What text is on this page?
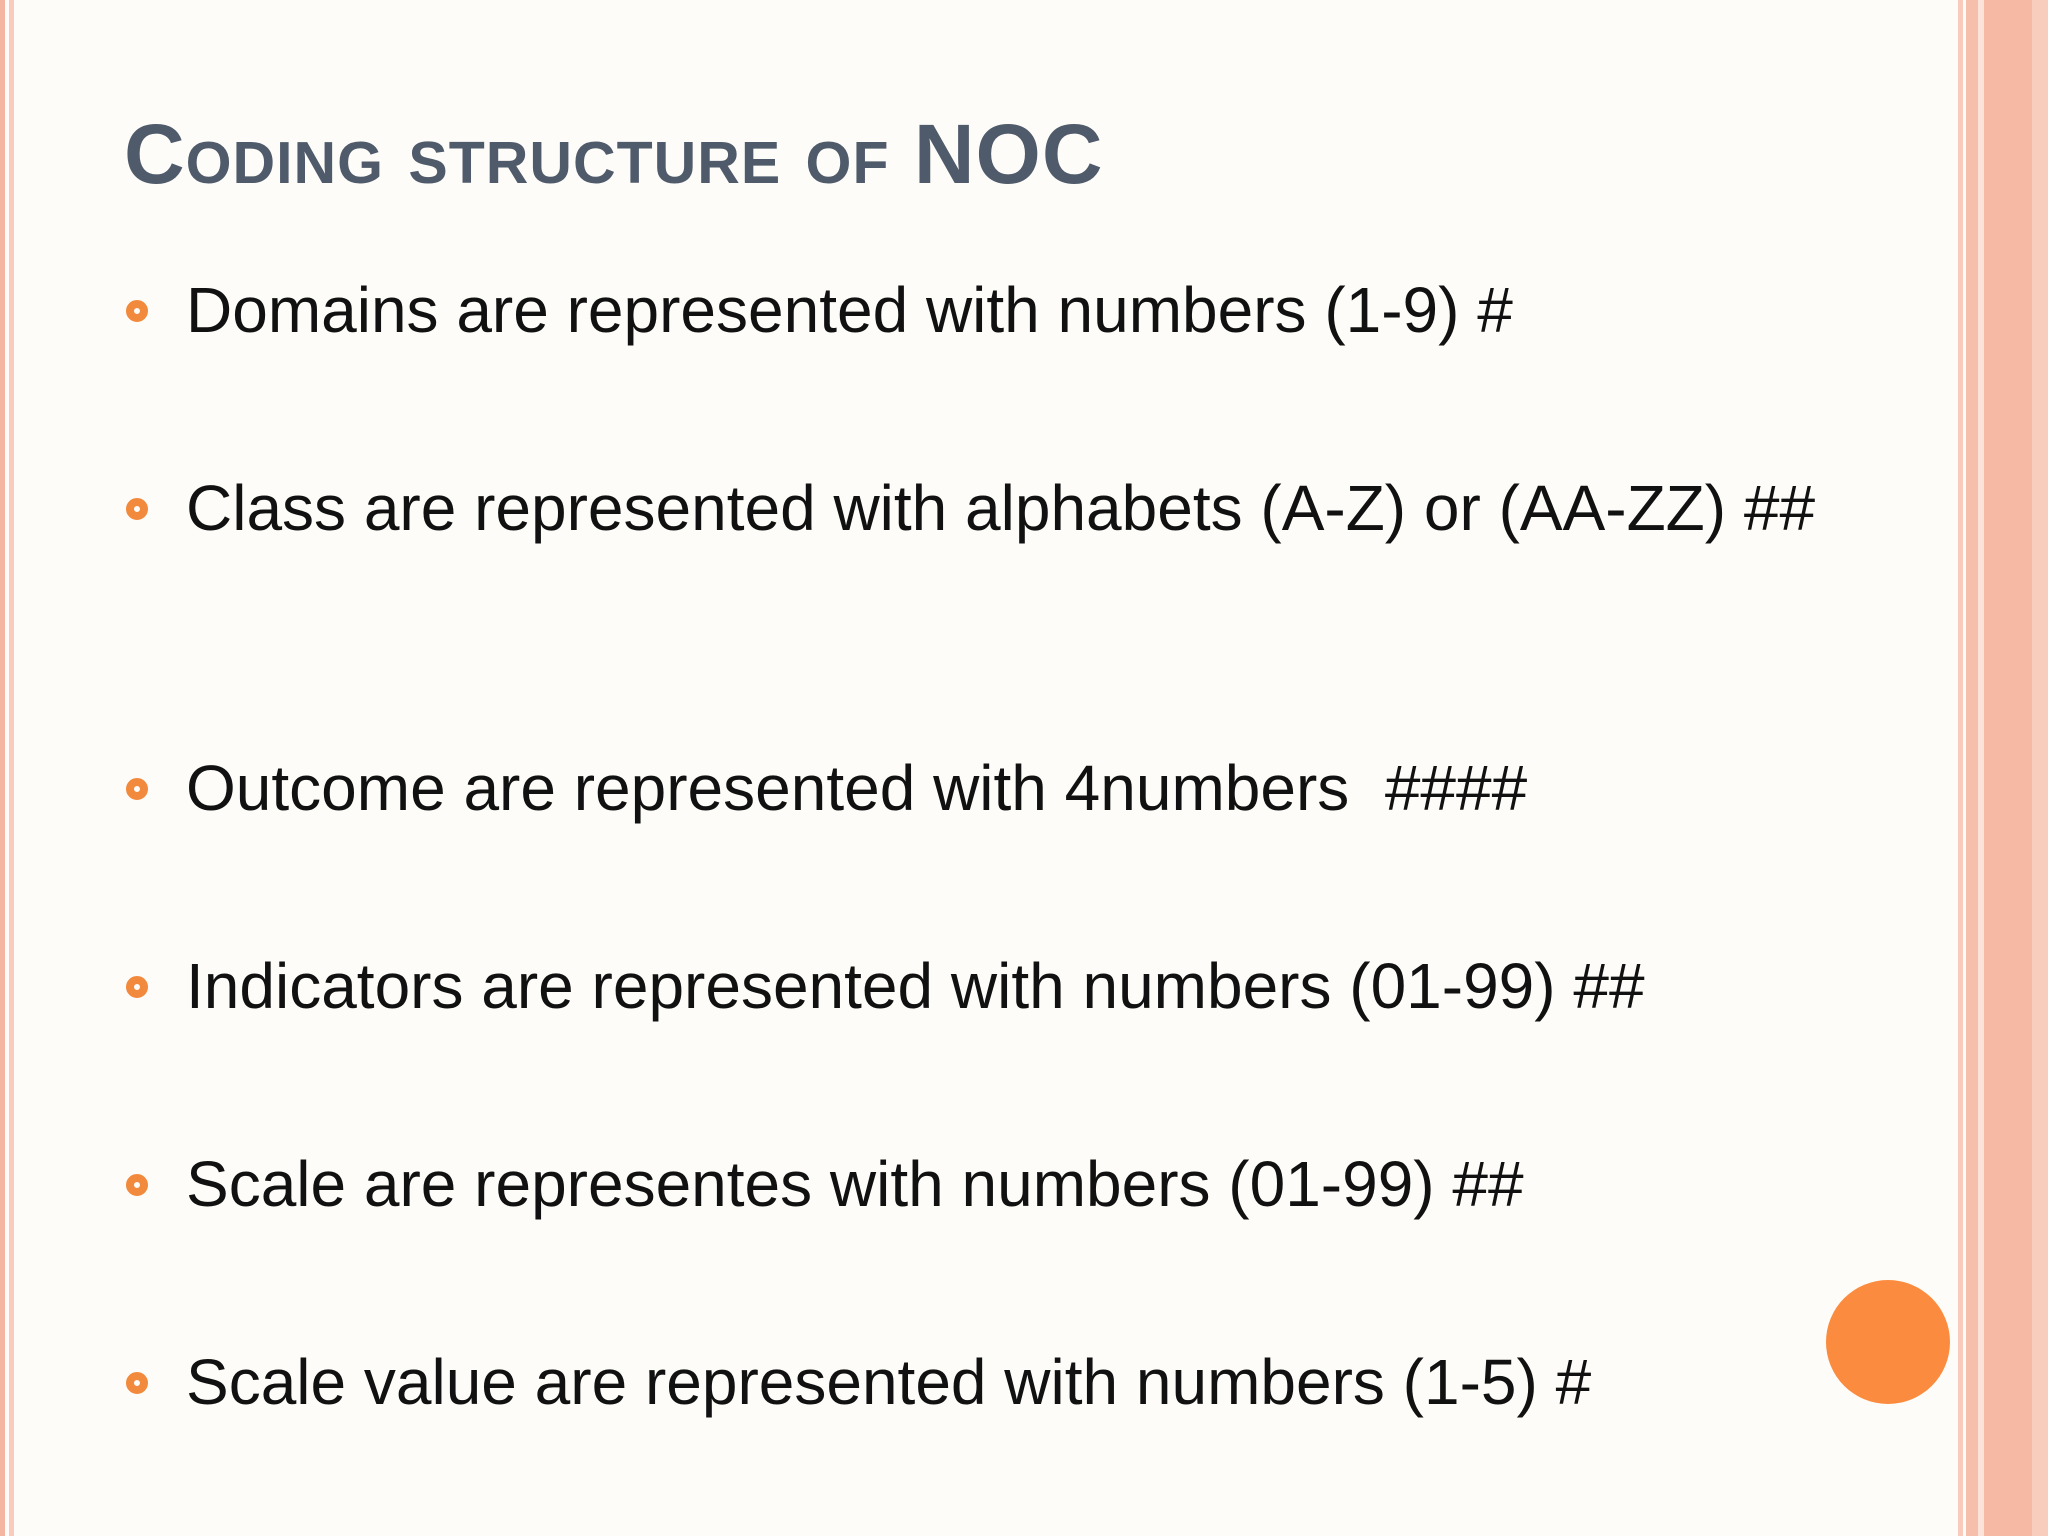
Coding structure of NOC
Domains are represented with numbers (1-9) #
Class are represented with alphabets (A-Z) or (AA-ZZ) ##
Outcome are represented with 4numbers  ####
Indicators are represented with numbers (01-99) ##
Scale are representes with numbers (01-99) ##
Scale value are represented with numbers (1-5) #
